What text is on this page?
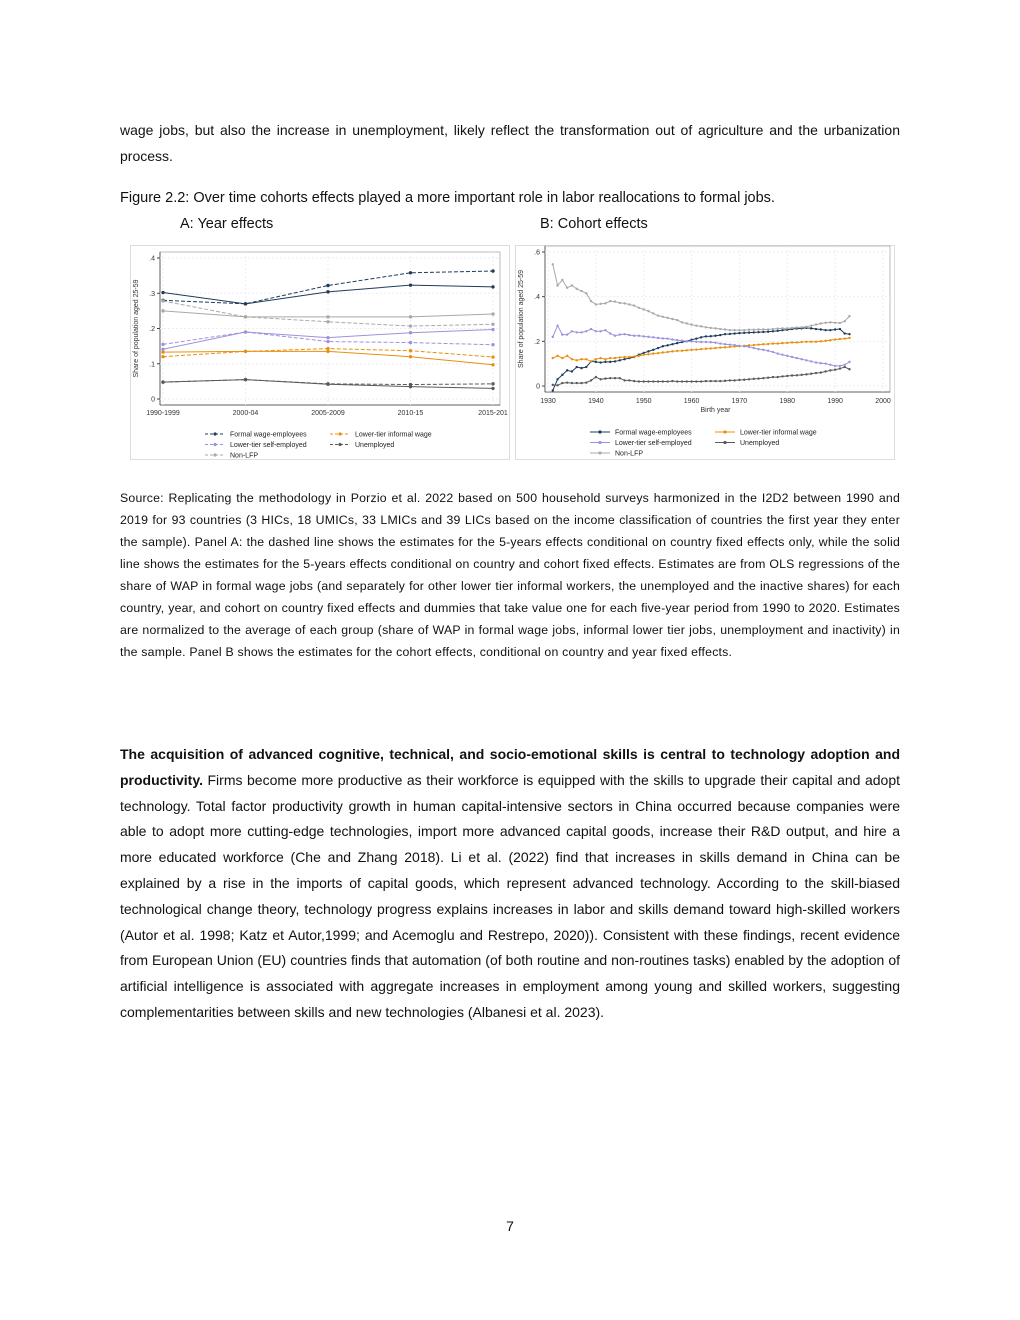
wage jobs, but also the increase in unemployment, likely reflect the transformation out of agriculture and the urbanization process.
Figure 2.2: Over time cohorts effects played a more important role in labor reallocations to formal jobs.
A: Year effects	B: Cohort effects
Share of population aged 25-59
0
.1
.2
.3
.4
1990-1999	2000-04	2005-2009	2010-15	2015-201
Formal wage-employees	Lower-tier informal wage
Lower-tier self-employed	Unemployed
Non-LFP
Share of population aged 25-59
0
.2
.4
.6
1930	1940	1950	1960	1970	1980	1990	2000
Birth year
Formal wage-employees	Lower-tier informal wage
Lower-tier self-employed	Unemployed
Non-LFP
Source: Replicating the methodology in Porzio et al. 2022 based on 500 household surveys harmonized in the I2D2 between 1990 and 2019 for 93 countries (3 HICs, 18 UMICs, 33 LMICs and 39 LICs based on the income classification of countries the first year they enter the sample). Panel A: the dashed line shows the estimates for the 5-years effects conditional on country fixed effects only, while the solid line shows the estimates for the 5-years effects conditional on country and cohort fixed effects. Estimates are from OLS regressions of the share of WAP in formal wage jobs (and separately for other lower tier informal workers, the unemployed and the inactive shares) for each country, year, and cohort on country fixed effects and dummies that take value one for each five-year period from 1990 to 2020. Estimates are normalized to the average of each group (share of WAP in formal wage jobs, informal lower tier jobs, unemployment and inactivity) in the sample. Panel B shows the estimates for the cohort effects, conditional on country and year fixed effects.
The acquisition of advanced cognitive, technical, and socio-emotional skills is central to technology adoption and productivity. Firms become more productive as their workforce is equipped with the skills to upgrade their capital and adopt technology. Total factor productivity growth in human capital-intensive sectors in China occurred because companies were able to adopt more cutting-edge technologies, import more advanced capital goods, increase their R&D output, and hire a more educated workforce (Che and Zhang 2018). Li et al. (2022) find that increases in skills demand in China can be explained by a rise in the imports of capital goods, which represent advanced technology. According to the skill-biased technological change theory, technology progress explains increases in labor and skills demand toward high-skilled workers (Autor et al. 1998; Katz et Autor,1999; and Acemoglu and Restrepo, 2020)). Consistent with these findings, recent evidence from European Union (EU) countries finds that automation (of both routine and non-routines tasks) enabled by the adoption of artificial intelligence is associated with aggregate increases in employment among young and skilled workers, suggesting complementarities between skills and new technologies (Albanesi et al. 2023).
7
